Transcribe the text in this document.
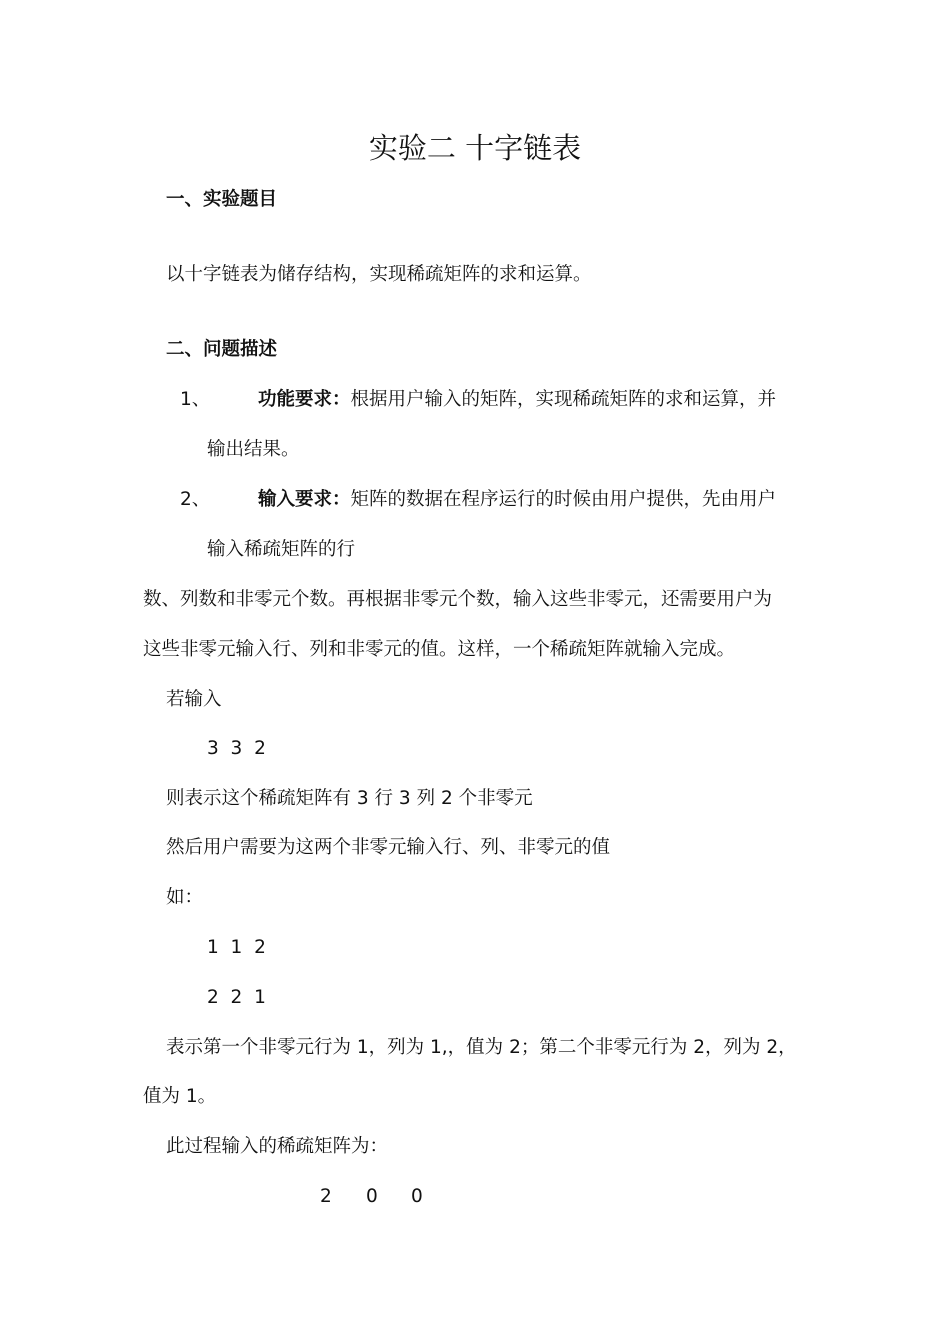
实验二 十字链表
一、实验题目
以十字链表为储存结构，实现稀疏矩阵的求和运算。
二、问题描述
1、	功能要求：根据用户输入的矩阵，实现稀疏矩阵的求和运算，并
输出结果。
2、	输入要求：矩阵的数据在程序运行的时候由用户提供，先由用户
输入稀疏矩阵的行
数、列数和非零元个数。再根据非零元个数，输入这些非零元，还需要用户为
这些非零元输入行、列和非零元的值。这样，一个稀疏矩阵就输入完成。
若输入
3  3  2
则表示这个稀疏矩阵有 3 行 3 列 2 个非零元
然后用户需要为这两个非零元输入行、列、非零元的值
如：
1  1  2
2  2  1
表示第一个非零元行为 1，列为 1,，值为 2；第二个非零元行为 2，列为 2，
值为 1。
此过程输入的稀疏矩阵为：
2 0 0
